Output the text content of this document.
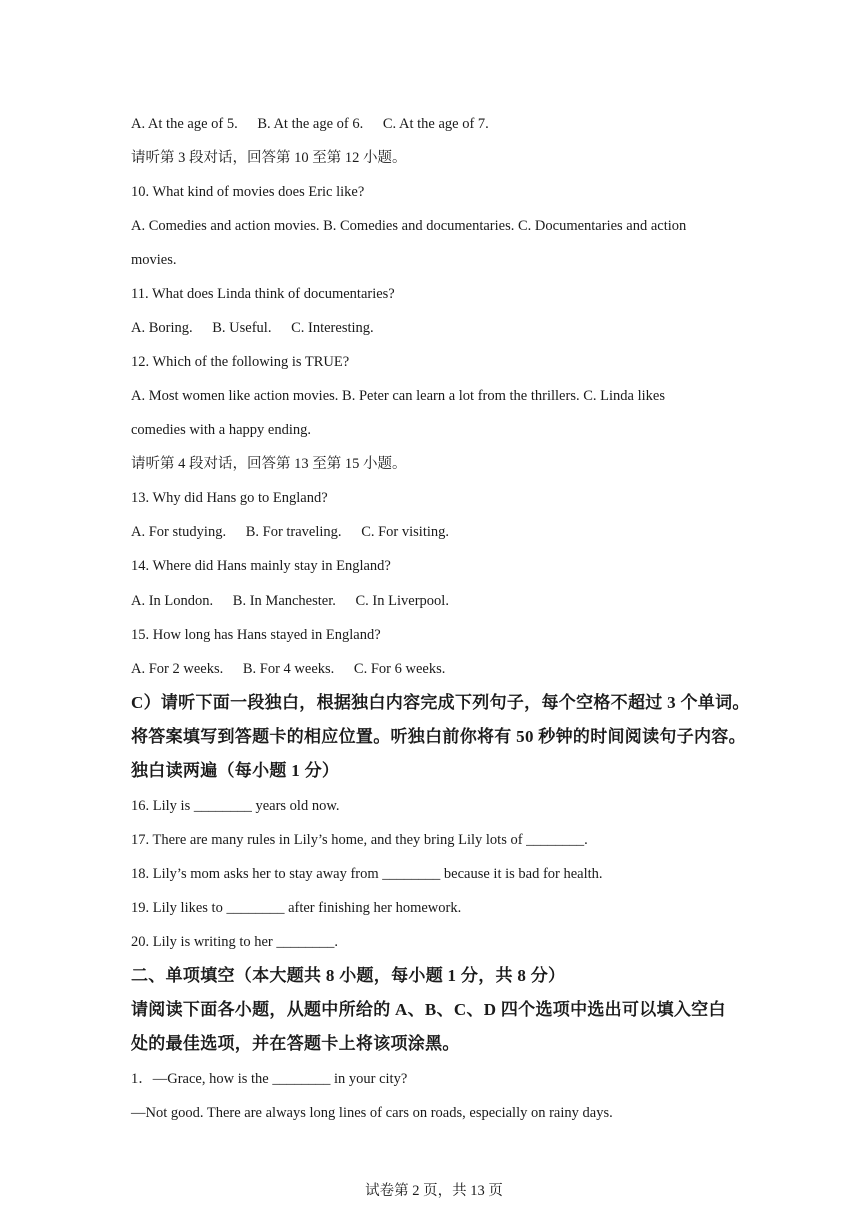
A. At the age of 5. B. At the age of 6. C. At the age of 7.
请听第 3 段对话，回答第 10 至第 12 小题。
10. What kind of movies does Eric like?
A. Comedies and action movies. B. Comedies and documentaries. C. Documentaries and action
movies.
11. What does Linda think of documentaries?
A. Boring. B. Useful. C. Interesting.
12. Which of the following is TRUE?
A. Most women like action movies. B. Peter can learn a lot from the thrillers. C. Linda likes
comedies with a happy ending.
请听第 4 段对话，回答第 13 至第 15 小题。
13. Why did Hans go to England?
A. For studying. B. For traveling. C. For visiting.
14. Where did Hans mainly stay in England?
A. In London. B. In Manchester. C. In Liverpool.
15. How long has Hans stayed in England?
A. For 2 weeks. B. For 4 weeks. C. For 6 weeks.
C）请听下面一段独白，根据独白内容完成下列句子，每个空格不超过 3 个单词。
将答案填写到答题卡的相应位置。听独白前你将有 50 秒钟的时间阅读句子内容。
独白读两遍（每小题 1 分）
16. Lily is ________ years old now.
17. There are many rules in Lily’s home, and they bring Lily lots of ________.
18. Lily’s mom asks her to stay away from ________ because it is bad for health.
19. Lily likes to ________ after finishing her homework.
20. Lily is writing to her ________.
二、单项填空（本大题共 8 小题，每小题 1 分，共 8 分）
请阅读下面各小题，从题中所给的 A、B、C、D 四个选项中选出可以填入空白
处的最佳选项，并在答题卡上将该项涂黑。
1．—Grace, how is the ________ in your city?
—Not good. There are always long lines of cars on roads, especially on rainy days.
试卷第 2 页，共 13 页
